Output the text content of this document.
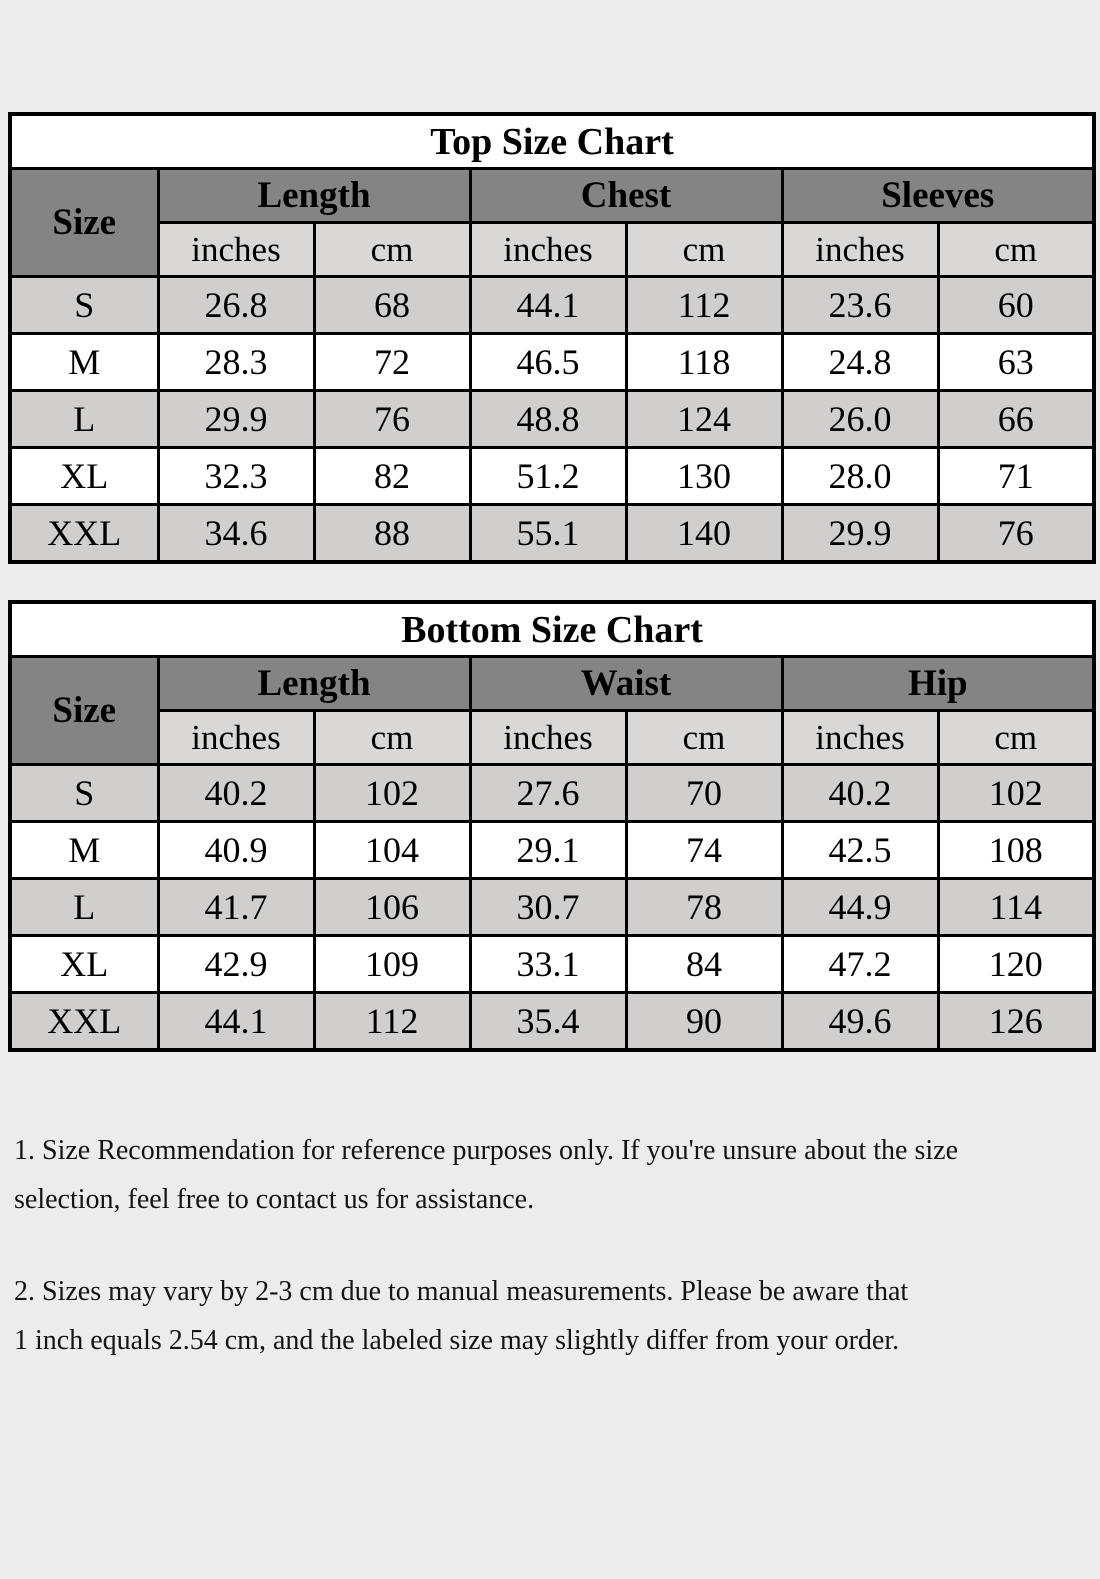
Top Size Chart						
Size	Length		Chest		Sleeves	
	inches	cm	inches	cm	inches	cm
S	26.8	68	44.1	112	23.6	60
M	28.3	72	46.5	118	24.8	63
L	29.9	76	48.8	124	26.0	66
XL	32.3	82	51.2	130	28.0	71
XXL	34.6	88	55.1	140	29.9	76
Bottom Size Chart						
Size	Length		Waist		Hip	
	inches	cm	inches	cm	inches	cm
S	40.2	102	27.6	70	40.2	102
M	40.9	104	29.1	74	42.5	108
L	41.7	106	30.7	78	44.9	114
XL	42.9	109	33.1	84	47.2	120
XXL	44.1	112	35.4	90	49.6	126
1. Size Recommendation for reference purposes only. If you're unsure about the size
selection, feel free to contact us for assistance.
2. Sizes may vary by 2-3 cm due to manual measurements. Please be aware that
1 inch equals 2.54 cm, and the labeled size may slightly differ from your order.
